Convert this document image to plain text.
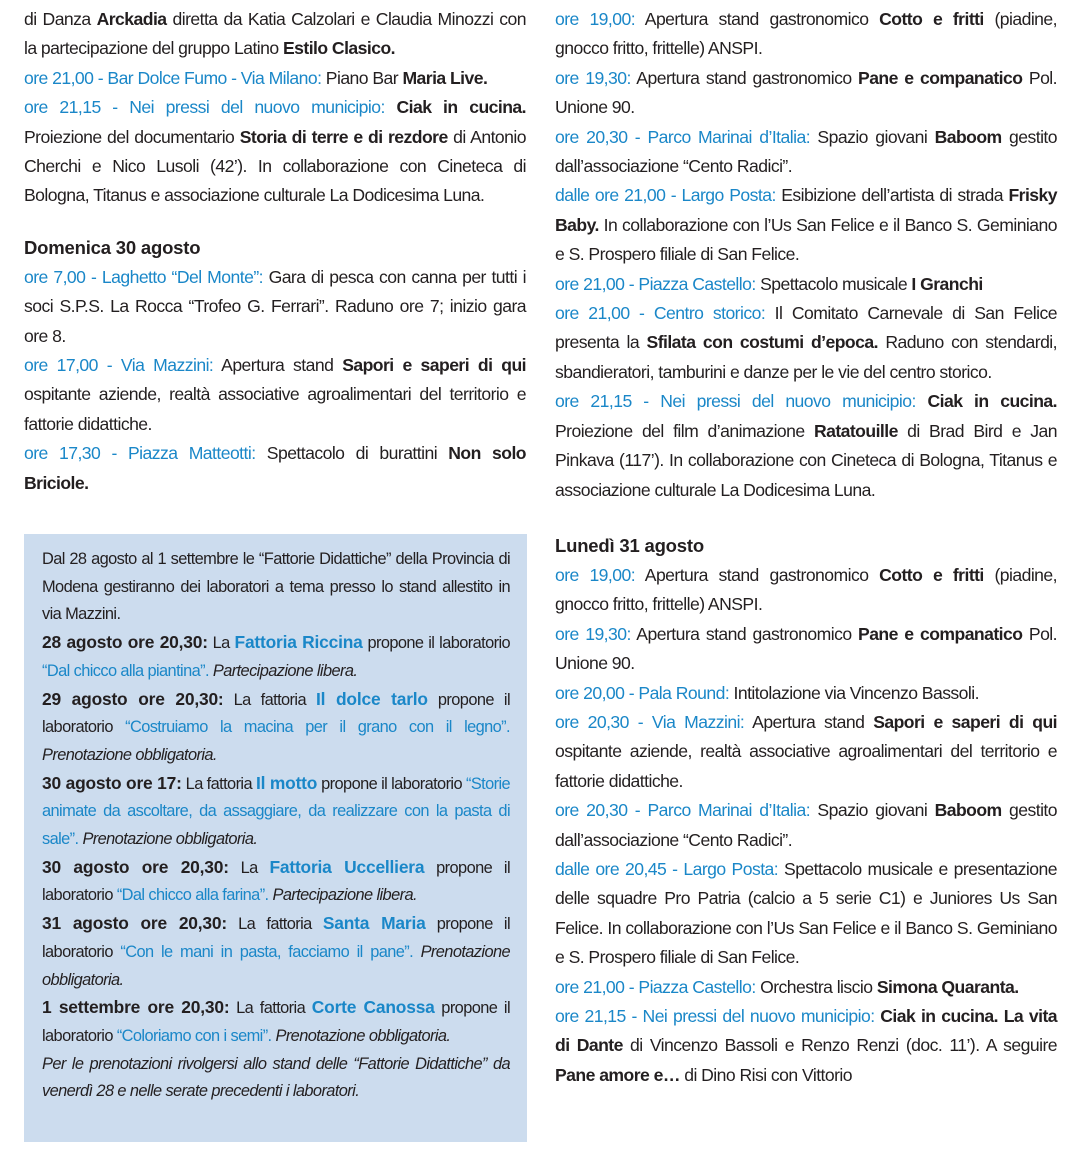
di Danza Arckadia diretta da Katia Calzolari e Claudia Minozzi con la partecipazione del gruppo Latino Estilo Clasico.

ore 21,00 - Bar Dolce Fumo - Via Milano: Piano Bar Maria Live.

ore 21,15 - Nei pressi del nuovo municipio: Ciak in cucina. Proiezione del documentario Storia di terre e di rezdore di Antonio Cherchi e Nico Lusoli (42’). In collaborazione con Cineteca di Bologna, Titanus e associazione culturale La Dodicesima Luna.

Domenica 30 agosto

ore 7,00 - Laghetto “Del Monte”: Gara di pesca con canna per tutti i soci S.P.S. La Rocca “Trofeo G. Ferrari”. Raduno ore 7; inizio gara ore 8.

ore 17,00 - Via Mazzini: Apertura stand Sapori e saperi di qui ospitante aziende, realtà associative agroalimentari del territorio e fattorie didattiche.

ore 17,30 - Piazza Matteotti: Spettacolo di burattini Non solo Briciole.

Dal 28 agosto al 1 settembre le “Fattorie Didattiche” della Provincia di Modena gestiranno dei laboratori a tema presso lo stand allestito in via Mazzini.

28 agosto ore 20,30: La Fattoria Riccina propone il laboratorio “Dal chicco alla piantina”. Partecipazione libera.

29 agosto ore 20,30: La fattoria Il dolce tarlo propone il laboratorio “Costruiamo la macina per il grano con il legno”. Prenotazione obbligatoria.

30 agosto ore 17: La fattoria Il motto propone il laboratorio “Storie animate da ascoltare, da assaggiare, da realizzare con la pasta di sale”. Prenotazione obbligatoria.

30 agosto ore 20,30: La Fattoria Uccelliera propone il laboratorio “Dal chicco alla farina”. Partecipazione libera.

31 agosto ore 20,30: La fattoria Santa Maria propone il laboratorio “Con le mani in pasta, facciamo il pane”. Prenotazione obbligatoria.

1 settembre ore 20,30: La fattoria Corte Canossa propone il laboratorio “Coloriamo con i semi”. Prenotazione obbligatoria.

Per le prenotazioni rivolgersi allo stand delle “Fattorie Didattiche” da venerdì 28 e nelle serate precedenti i laboratori.

ore 19,00: Apertura stand gastronomico Cotto e fritti (piadine, gnocco fritto, frittelle) ANSPI.

ore 19,30: Apertura stand gastronomico Pane e companatico Pol. Unione 90.

ore 20,30 - Parco Marinai d’Italia: Spazio giovani Baboom gestito dall’associazione “Cento Radici”.

dalle ore 21,00 - Largo Posta: Esibizione dell’artista di strada Frisky Baby. In collaborazione con l’Us San Felice e il Banco S. Geminiano e S. Prospero filiale di San Felice.

ore 21,00 - Piazza Castello: Spettacolo musicale I Granchi

ore 21,00 - Centro storico: Il Comitato Carnevale di San Felice presenta la Sfilata con costumi d’epoca. Raduno con stendardi, sbandieratori, tamburini e danze per le vie del centro storico.

ore 21,15 - Nei pressi del nuovo municipio: Ciak in cucina. Proiezione del film d’animazione Ratatouille di Brad Bird e Jan Pinkava (117’). In collaborazione con Cineteca di Bologna, Titanus e associazione culturale La Dodicesima Luna.

Lunedì 31 agosto

ore 19,00: Apertura stand gastronomico Cotto e fritti (piadine, gnocco fritto, frittelle) ANSPI.

ore 19,30: Apertura stand gastronomico Pane e companatico Pol. Unione 90.

ore 20,00 - Pala Round: Intitolazione via Vincenzo Bassoli.

ore 20,30 - Via Mazzini: Apertura stand Sapori e saperi di qui ospitante aziende, realtà associative agroalimentari del territorio e fattorie didattiche.

ore 20,30 - Parco Marinai d’Italia: Spazio giovani Baboom gestito dall’associazione “Cento Radici”.

dalle ore 20,45 - Largo Posta: Spettacolo musicale e presentazione delle squadre Pro Patria (calcio a 5 serie C1) e Juniores Us San Felice. In collaborazione con l’Us San Felice e il Banco S. Geminiano e S. Prospero filiale di San Felice.

ore 21,00 - Piazza Castello: Orchestra liscio Simona Quaranta.

ore 21,15 - Nei pressi del nuovo municipio: Ciak in cucina. La vita di Dante di Vincenzo Bassoli e Renzo Renzi (doc. 11’). A seguire Pane amore e… di Dino Risi con Vittorio
